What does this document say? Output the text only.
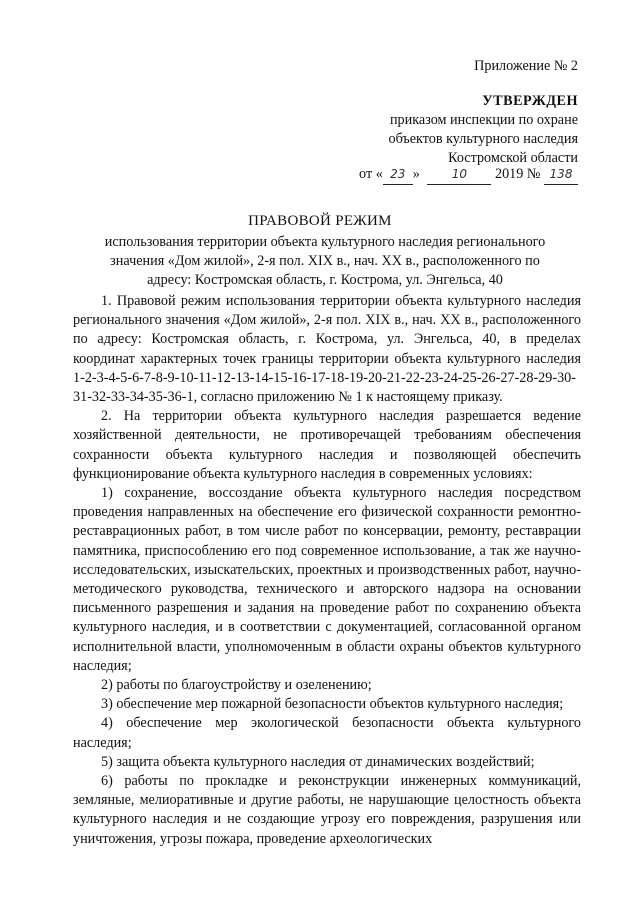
Приложение № 2
УТВЕРЖДЕН
приказом инспекции по охране
объектов культурного наследия
Костромской области
от « 23 »	10 2019 № 138
ПРАВОВОЙ РЕЖИМ
использования территории объекта культурного наследия регионального
значения «Дом жилой», 2-я пол. XIX в., нач. XX в., расположенного по
адресу: Костромская область, г. Кострома, ул. Энгельса, 40

1. Правовой режим использования территории объекта культурного наследия регионального значения «Дом жилой», 2-я пол. XIX в., нач. XX в., расположенного по адресу: Костромская область, г. Кострома, ул. Энгельса, 40, в пределах координат характерных точек границы территории объекта культурного наследия 1-2-3-4-5-6-7-8-9-10-11-12-13-14-15-16-17-18-19-20-21-22-23-24-25-26-27-28-29-30-31-32-33-34-35-36-1, согласно приложению № 1 к настоящему приказу.

2. На территории объекта культурного наследия разрешается ведение хозяйственной деятельности, не противоречащей требованиям обеспечения сохранности объекта культурного наследия и позволяющей обеспечить функционирование объекта культурного наследия в современных условиях:

1) сохранение, воссоздание объекта культурного наследия посредством проведения направленных на обеспечение его физической сохранности ремонтно-реставрационных работ, в том числе работ по консервации, ремонту, реставрации памятника, приспособлению его под современное использование, а так же научно-исследовательских, изыскательских, проектных и производственных работ, научно-методического руководства, технического и авторского надзора на основании письменного разрешения и задания на проведение работ по сохранению объекта культурного наследия, и в соответствии с документацией, согласованной органом исполнительной власти, уполномоченным в области охраны объектов культурного наследия;

2) работы по благоустройству и озеленению;

3) обеспечение мер пожарной безопасности объектов культурного наследия;

4) обеспечение мер экологической безопасности объекта культурного наследия;

5) защита объекта культурного наследия от динамических воздействий;

6) работы по прокладке и реконструкции инженерных коммуникаций, земляные, мелиоративные и другие работы, не нарушающие целостность объекта культурного наследия и не создающие угрозу его повреждения, разрушения или уничтожения, угрозы пожара, проведение археологических
